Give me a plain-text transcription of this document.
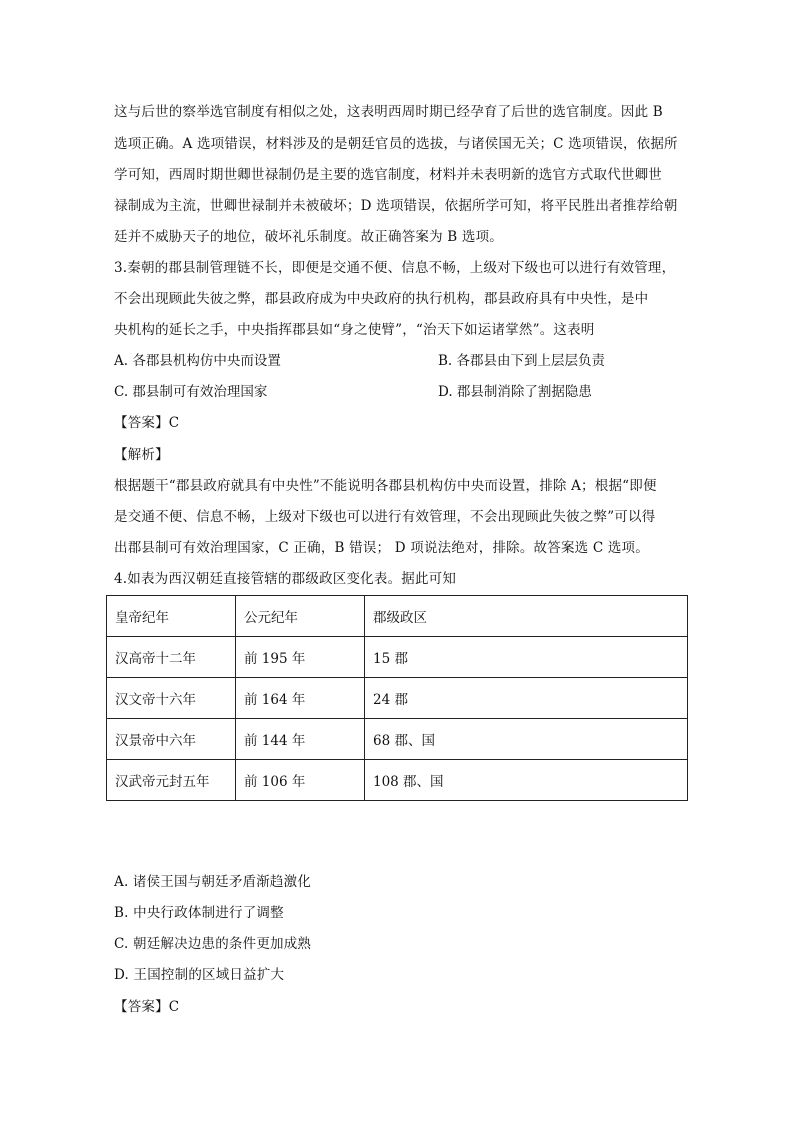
这与后世的察举选官制度有相似之处，这表明西周时期已经孕育了后世的选官制度。因此 B
选项正确。A 选项错误，材料涉及的是朝廷官员的选拔，与诸侯国无关；C 选项错误，依据所
学可知，西周时期世卿世禄制仍是主要的选官制度，材料并未表明新的选官方式取代世卿世
禄制成为主流，世卿世禄制并未被破坏；D 选项错误，依据所学可知，将平民胜出者推荐给朝
廷并不威胁天子的地位，破坏礼乐制度。故正确答案为 B 选项。
3.秦朝的郡县制管理链不长，即便是交通不便、信息不畅，上级对下级也可以进行有效管理，
不会出现顾此失彼之弊，郡县政府成为中央政府的执行机构，郡县政府具有中央性，是中
央机构的延长之手，中央指挥郡县如“身之使臂”，“治天下如运诸掌然”。这表明
A. 各郡县机构仿中央而设置	B. 各郡县由下到上层层负责
C. 郡县制可有效治理国家	D. 郡县制消除了割据隐患
【答案】C
【解析】
根据题干“郡县政府就具有中央性”不能说明各郡县机构仿中央而设置，排除 A；根据“即便
是交通不便、信息不畅，上级对下级也可以进行有效管理，不会出现顾此失彼之弊”可以得
出郡县制可有效治理国家，C 正确，B 错误； D 项说法绝对，排除。故答案选 C 选项。
4.如表为西汉朝廷直接管辖的郡级政区变化表。据此可知
皇帝纪年	公元纪年	郡级政区
汉高帝十二年	前 195 年	15 郡
汉文帝十六年	前 164 年	24 郡
汉景帝中六年	前 144 年	68 郡、国
汉武帝元封五年	前 106 年	108 郡、国
A. 诸侯王国与朝廷矛盾渐趋激化
B. 中央行政体制进行了调整
C. 朝廷解决边患的条件更加成熟
D. 王国控制的区域日益扩大
【答案】C
